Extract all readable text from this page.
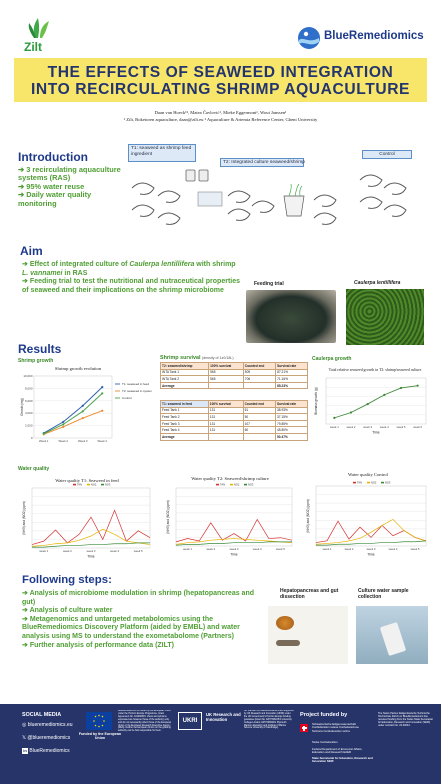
Zilt
BlueRemediomics
THE EFFECTS OF SEAWEED INTEGRATION
INTO RECIRCULATING SHRIMP AQUACULTURE
Daan van Hoeck¹², Matea Čavlović¹, Mieke Eggermont¹, Wout Janssen¹
¹ Zilt, Boketoren aquaculture, daan@zilt.eu ² Aquaculture & Artemia Reference Center, Ghent University
Introduction
➔ 3 recirculating aquaculture systems (RAS)
➔ 95% water reuse
➔ Daily water quality monitoring
T1: seaweed as shrimp feed ingredient
T2: Integrated culture seaweed/shrimp
Control
Aim
➔ Effect of integrated culture of Caulerpa lentillifera with shrimp L. vannamei in RAS
➔ Feeding trial to test the nutritional and nutraceutical properties of seaweed and their implications on the shrimp microbiome
Feeding trial	Caulerpa lentillifera
Results
Shrimp growth
Shrimp growth evolution
0
2,000
4,000
6,000
8,000
10,000
Week 1	Week 2	Week 3	Week 4
Growth (mg)
T1: seaweed in feed
T2: seaweed in system
Control
Shrimp survival (density of 1z0/18L)
T2: seaweed/shrimp	100% survival	Counted end	Survival rate
INTA Tank 1	565	509	87.21%
INTA Tank 2	565	706	71.16%
Average			85.23%
T1: seaweed in feed	100% survival	Counted end	Survival rate
Feed Tank 1	131	51	38.93%
Feed Tank 2	131	50	37.15%
Feed Tank 3	131	107	79.85%
Feed Tank 4	131	60	45.80%
Average			50.47%
Caulerpa growth
Total relative seaweed growth in T2: shrimp/seaweed culture
week 1	week 2	week 3	week 4	week 5	week 6
Time
Biomass growth (g)
Water quality
Water quality T1: Seaweed in feed
week 1	week 2	week 3	week 4	week 5
Time
(NH3) and (NO2) (ppm)
TAN	NO2	NO3
Water quality T2: Seaweed/shrimp culture
week 1	week 2	week 3	week 4	week 5
Time
(NH3) and (NO2) (ppm)
TAN	NO2	NO3
Water quality Control
week 1	week 2	week 3	week 4	week 5
Time
(NH3) and (NO2) (ppm)
TAN	NO2	NO3
Following steps:
➔ Analysis of microbiome modulation in shrimp (hepatopancreas and gut)
➔ Analysis of culture water
➔ Metagenomics and untargeted metabolomics using the BlueRemediomics Discovery Platform (aided by EMBL) and water analysis using MS to understand the exometabolome (Partners)
➔ Further analysis of performance data (ZILT)
Hepatopancreas and gut dissection
Culture water sample collection
SOCIAL MEDIA
◎ blueremediomics.eu
𝕏 @blueremediomics
in BlueRemediomics
Funded by the European Union
BlueRemediomics is funded by the European Union under the Horizon Europe Programme, Grant Agreement No. 101082304. Views and opinions expressed are however those of the author(s) only and do not necessarily reflect those of the European Union or the European Research Executive Agency (REA). Neither the European Union nor the granting authority can be held responsible for them.
UKRI
UK Research and Innovation
UK Partners on BlueRemediomics are supported by UK Research and Innovation (UKRI) under the UK Government's Horizon Europe funding guarantee [Grant No. EP/Y006165/1 University College London; EP/Y006503/1 Plymouth Marine Laboratory and Institute of Marine Science University of Cambridge].
Project funded by
Schweizerische Eidgenossenschaft Confédération suisse Confederazione Svizzera Confederaziun svizra
Swiss Confederation
Federal Department of Economic Affairs, Education and Research EAER
State Secretariat for Education, Research and Innovation SERI
The Swiss Partner Eidgenössische Technische Hochschule Zürich on BlueRemediomics has received funding from the Swiss State Secretariat for Education, Research and Innovation (SERI) under contract No. 22.00044.
